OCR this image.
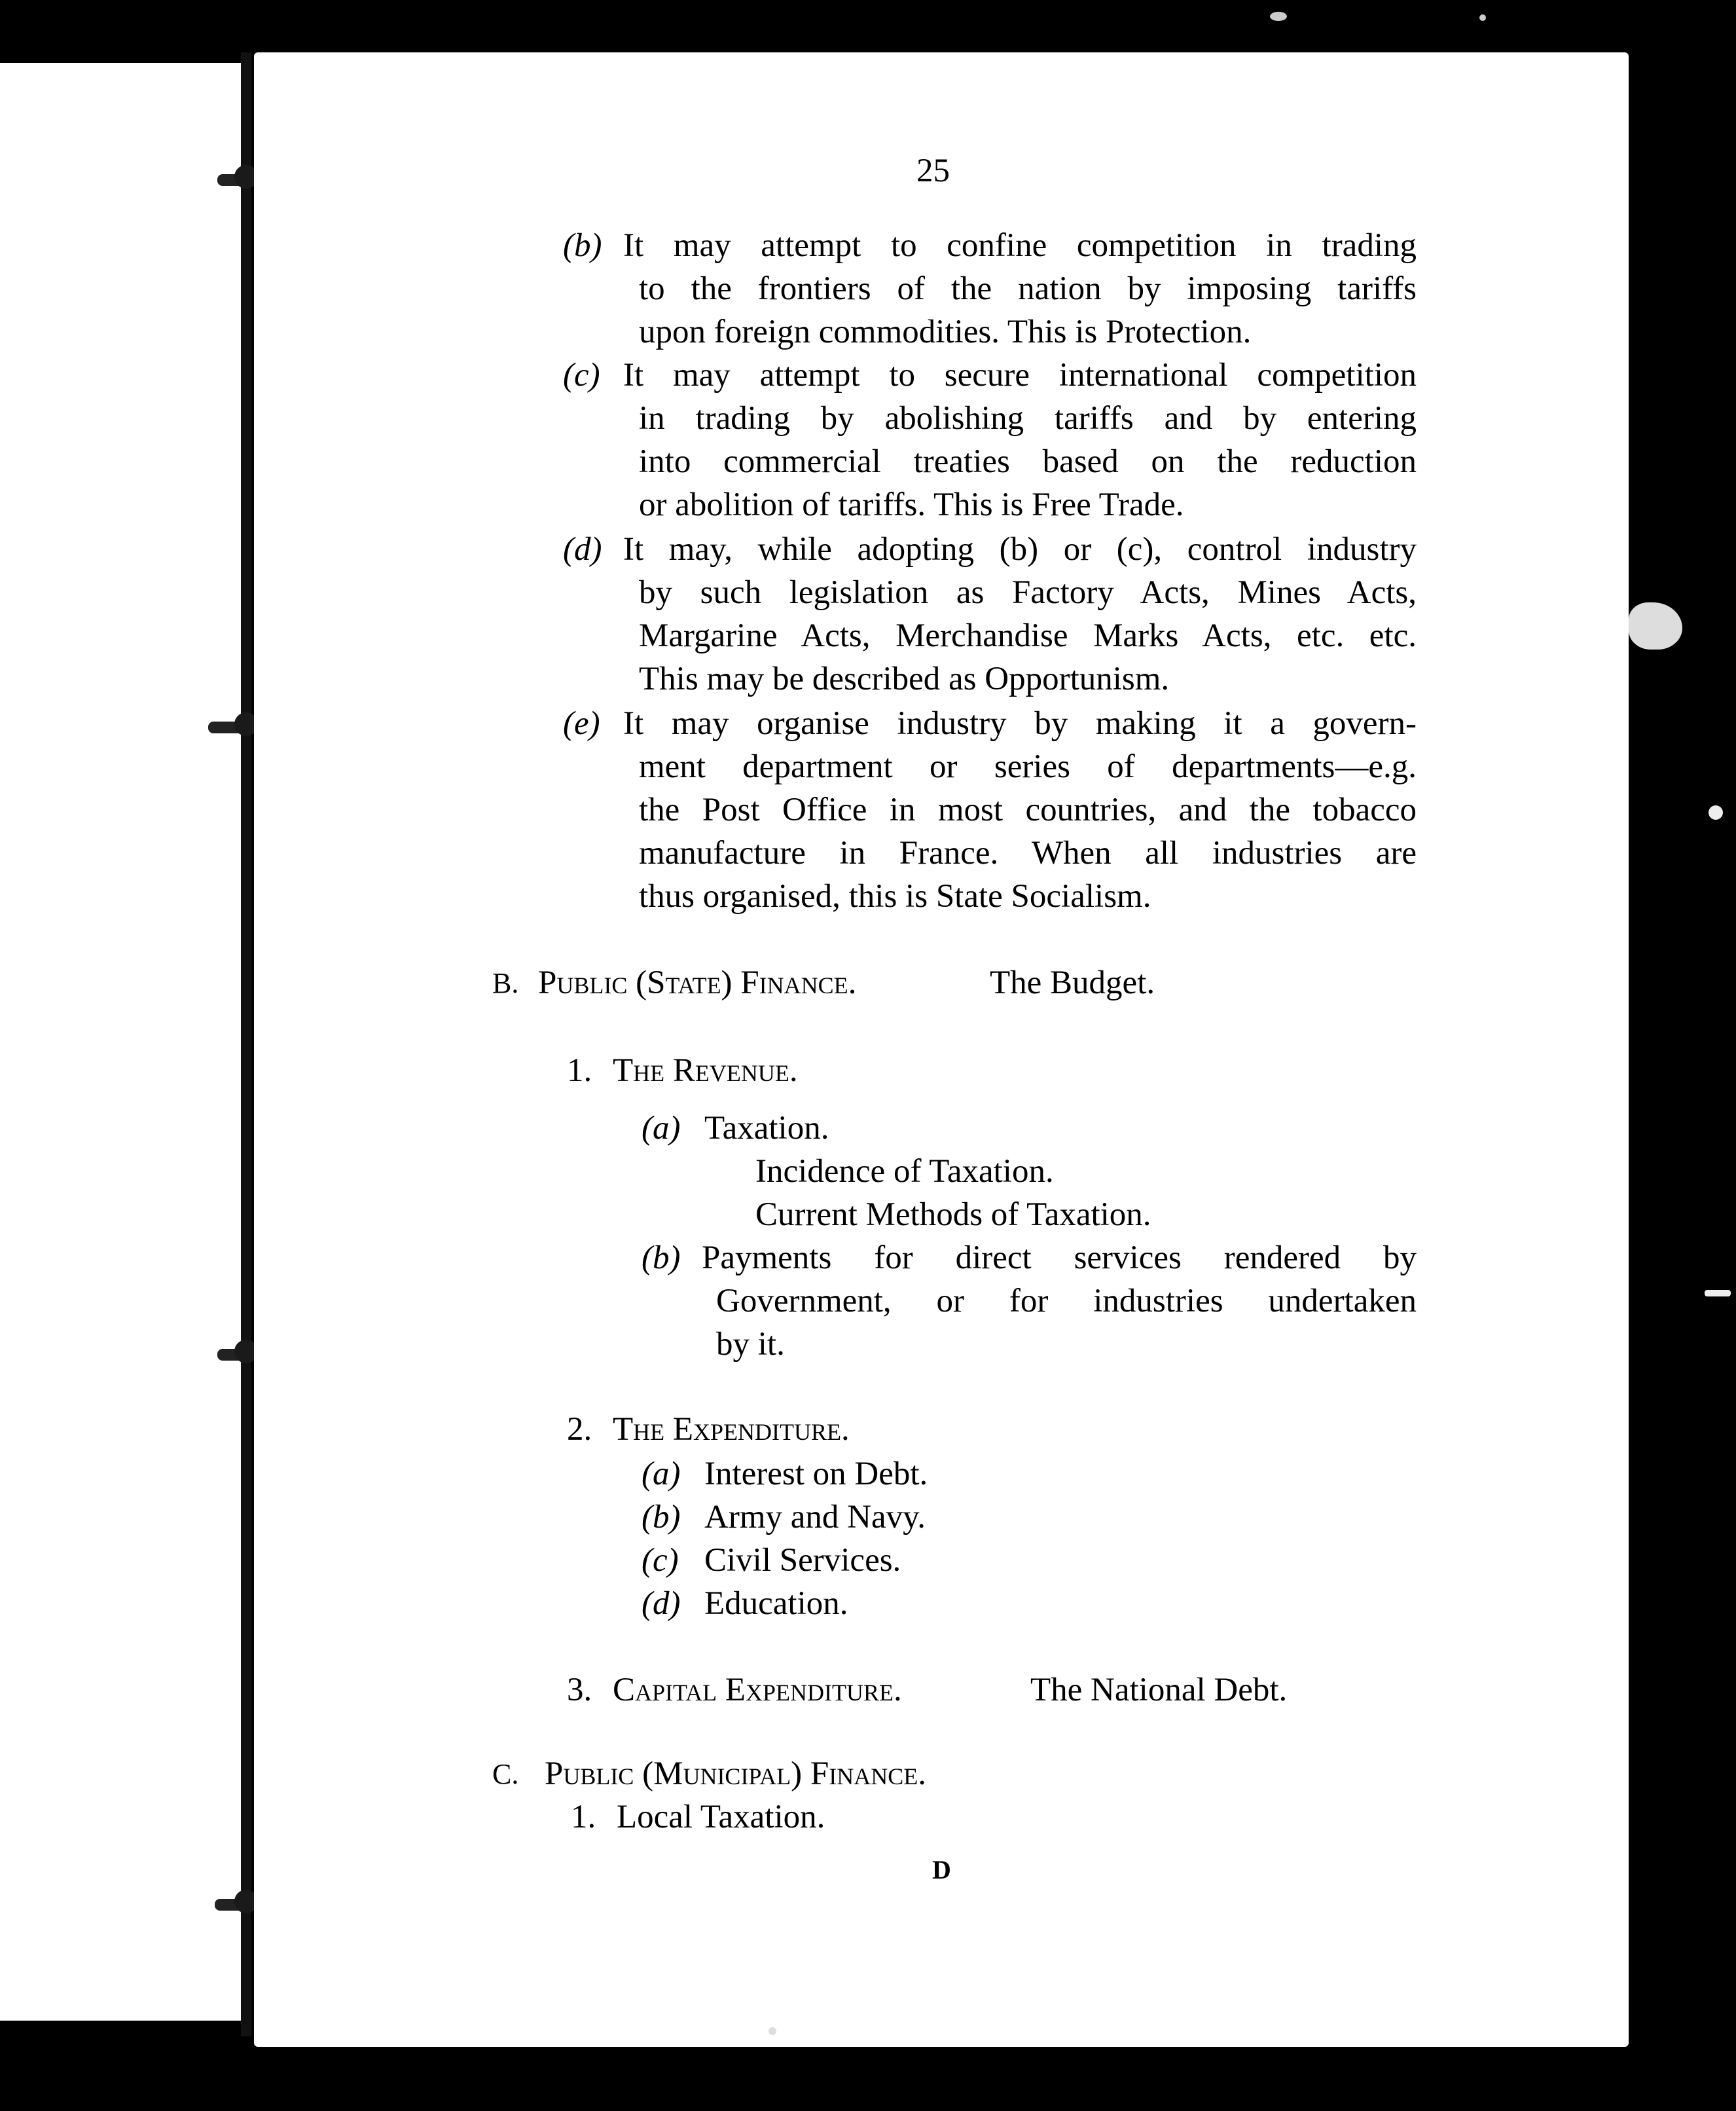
25
(b) It may attempt to confine competition in trading
to the frontiers of the nation by imposing tariffs
upon foreign commodities. This is Protection.
(c) It may attempt to secure international competition
in trading by abolishing tariffs and by entering
into commercial treaties based on the reduction
or abolition of tariffs. This is Free Trade.
(d) It may, while adopting (b) or (c), control industry
by such legislation as Factory Acts, Mines Acts,
Margarine Acts, Merchandise Marks Acts, etc. etc.
This may be described as Opportunism.
(e) It may organise industry by making it a govern-
ment department or series of departments—e.g.
the Post Office in most countries, and the tobacco
manufacture in France. When all industries are
thus organised, this is State Socialism.
B. Public (State) Finance.	The Budget.
1. The Revenue.
(a) Taxation.
Incidence of Taxation.
Current Methods of Taxation.
(b) Payments for direct services rendered by
Government, or for industries undertaken
by it.
2. The Expenditure.
(a) Interest on Debt.
(b) Army and Navy.
(c) Civil Services.
(d) Education.
3. Capital Expenditure.	The National Debt.
C. Public (Municipal) Finance.
1. Local Taxation.
D
